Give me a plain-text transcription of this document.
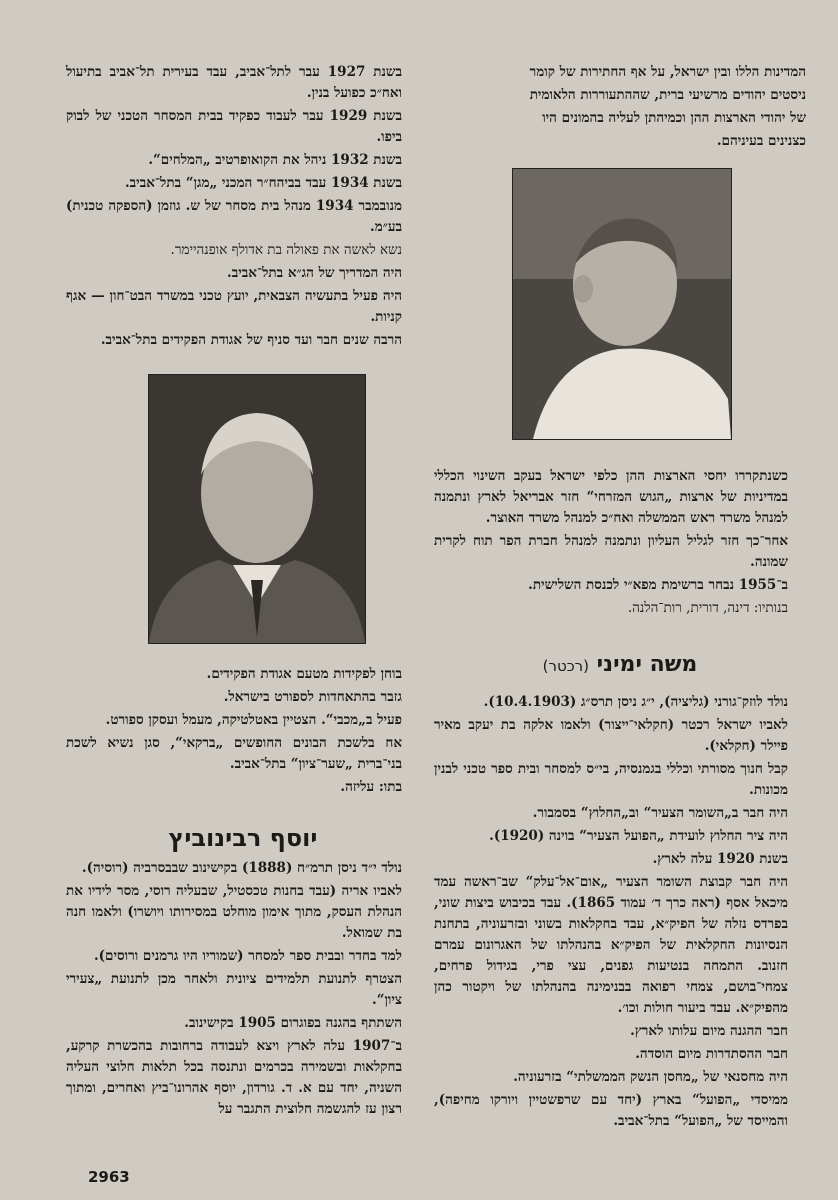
המדינות הללו ובין ישראל, על אף החתירות של קומר

ניסטים יהודים מרשיעי ברית, שההתעוררות הלאומית

של יהודי הארצות ההן וכמיהתן לעליה בהמונים היו

כצנינים בעיניהם.

כשנתקררו יחסי הארצות ההן כלפי ישראל בעקב השינוי הכללי במדיניות של ארצות „הגוש המזרחי“ חזר אבריאל לארץ ונתמנה למנהל משרד ראש הממשלה ואח״כ למנהל משרד האוצר.

אחר־כך חזר לגליל העליון ונתמנה למנהל חברת הפר תוח לקרית שמונה.

ב־1955 נבחר ברשימת מפא״י לכנסת השלישית.

בנותיו: דינה, דורית, רות־הלנה.

משה ימיני (רכטר)

נולד לוזק־גורני (גליציה), י״ג ניסן תרס״ג (10.4.1903).

לאביו ישראל רכטר (חקלאי־ייצור) ולאמו אלקה בת יעקב מאיר פיילר (חקלאי).

קבל חנוך מסורתי וכללי בגמנסיה, בי״ס למסחר ובית ספר טכני לבנין מכונות.

היה חבר ב„השומר הצעיר“ וב„החלוץ“ בסמבור.

היה ציר החלוץ לועידת „הפועל הצעיר“ בוינה (1920).

בשנת 1920 עלה לארץ.

היה חבר קבוצת השומר הצעיר „אום־אל־עלק“ שב־ראשה עמד מיכאל אסף (ראה כרך ד׳ עמוד 1865). עבד בכיבוש ביצות שוני, בפרדס נזלה של הפיק״א, עבד בחקלאות בשוני ובזרעוניה, בתחנת הנסיונות החקלאית של הפיק״א בהנהלתו של האגרונום עמרם חזנוב. התמחה בנטיעות גפנים, עצי פרי, בגידול פרחים, צמחי־בושם, צמחי רפואה בבנימינה בהנהלתו של ויקטור כהן מהפיק״א. עבד ביעור חולות וכו׳.

חבר ההגנה מיום עלותו לארץ.

חבר ההסתדרות מיום הוסדה.

היה מחסנאי של „מחסן הנשק הממשלתי“ בזרעוניה.

ממיסדי „הפועל“ בארץ (יחד עם שרפשטיין ויורקו מחיפה), והמייסד של „הפועל“ בתל־אביב.

בשנת 1927 עבר לתל־אביב, עבד בעירית תל־אביב בתיעול ואח״כ כפועל בנין.

בשנת 1929 עבר לעבוד כפקיד בבית המסחר הטכני של לבוק ביפו.

בשנת 1932 ניהל את הקואופרטיב „המלחים“.

בשנת 1934 עבד בביהח״ר המכני „מגן“ בתל־אביב.

מנובמבר 1934 מנהל בית מסחר של ש. גוזמן (הספקה טכנית) בע״מ.

נשא לאשה את פאולה בת אדולף אופנהיימר.

היה המדריך של הג״א בתל־אביב.

היה פעיל בתעשיה הצבאית, יועץ טכני במשרד הבט־חון — אגף קניות.

הרבה שנים חבר ועד סניף של אגודת הפקידים בתל־אביב.

בוחן לפקידות מטעם אגודת הפקידים.

גזבר בהתאחדות לספורט בישראל.

פעיל ב„מכבי“. הצטיין באטלטיקה, מעמל ועסקן ספורט.

אח בלשכת הבונים החופשים „ברקאי“, סגן נשיא לשכת בני־ברית „שער־ציון“ בתל־אביב.

בתו: עליזה.

יוסף רבינוביץ

נולד י״ד ניסן תרמ״ח (1888) בקישינוב שבבסרביה (רוסיה).

לאביו אריה (עבד בחנות טכסטיל, שבעליה רוסי, מסר לידיו את הנהלת העסק, מתוך אימון מוחלט במסירותו ויושרו) ולאמו חנה בת שמואל.

למד בחדר ובבית ספר למסחר (שמוריו היו גרמנים ורוסים).

הצטרף לתנועת תלמידים ציונית ולאחר מכן לתנועת „צעירי ציון“.

השתתף בהגנה בפוגרום 1905 בקישינוב.

ב־1907 עלה לארץ ויצא לעבודה ברחובות בהכשרת קרקע, בחקלאות ובשמירה בכרמים ונתנסה בכל תלאות חלוצי העליה השניה, יחד עם א. ד. גורדון, יוסף אהרונו־ביץ ואחרים, ומתוך רצון עז להגשמה חלוצית התגבר על

2963
